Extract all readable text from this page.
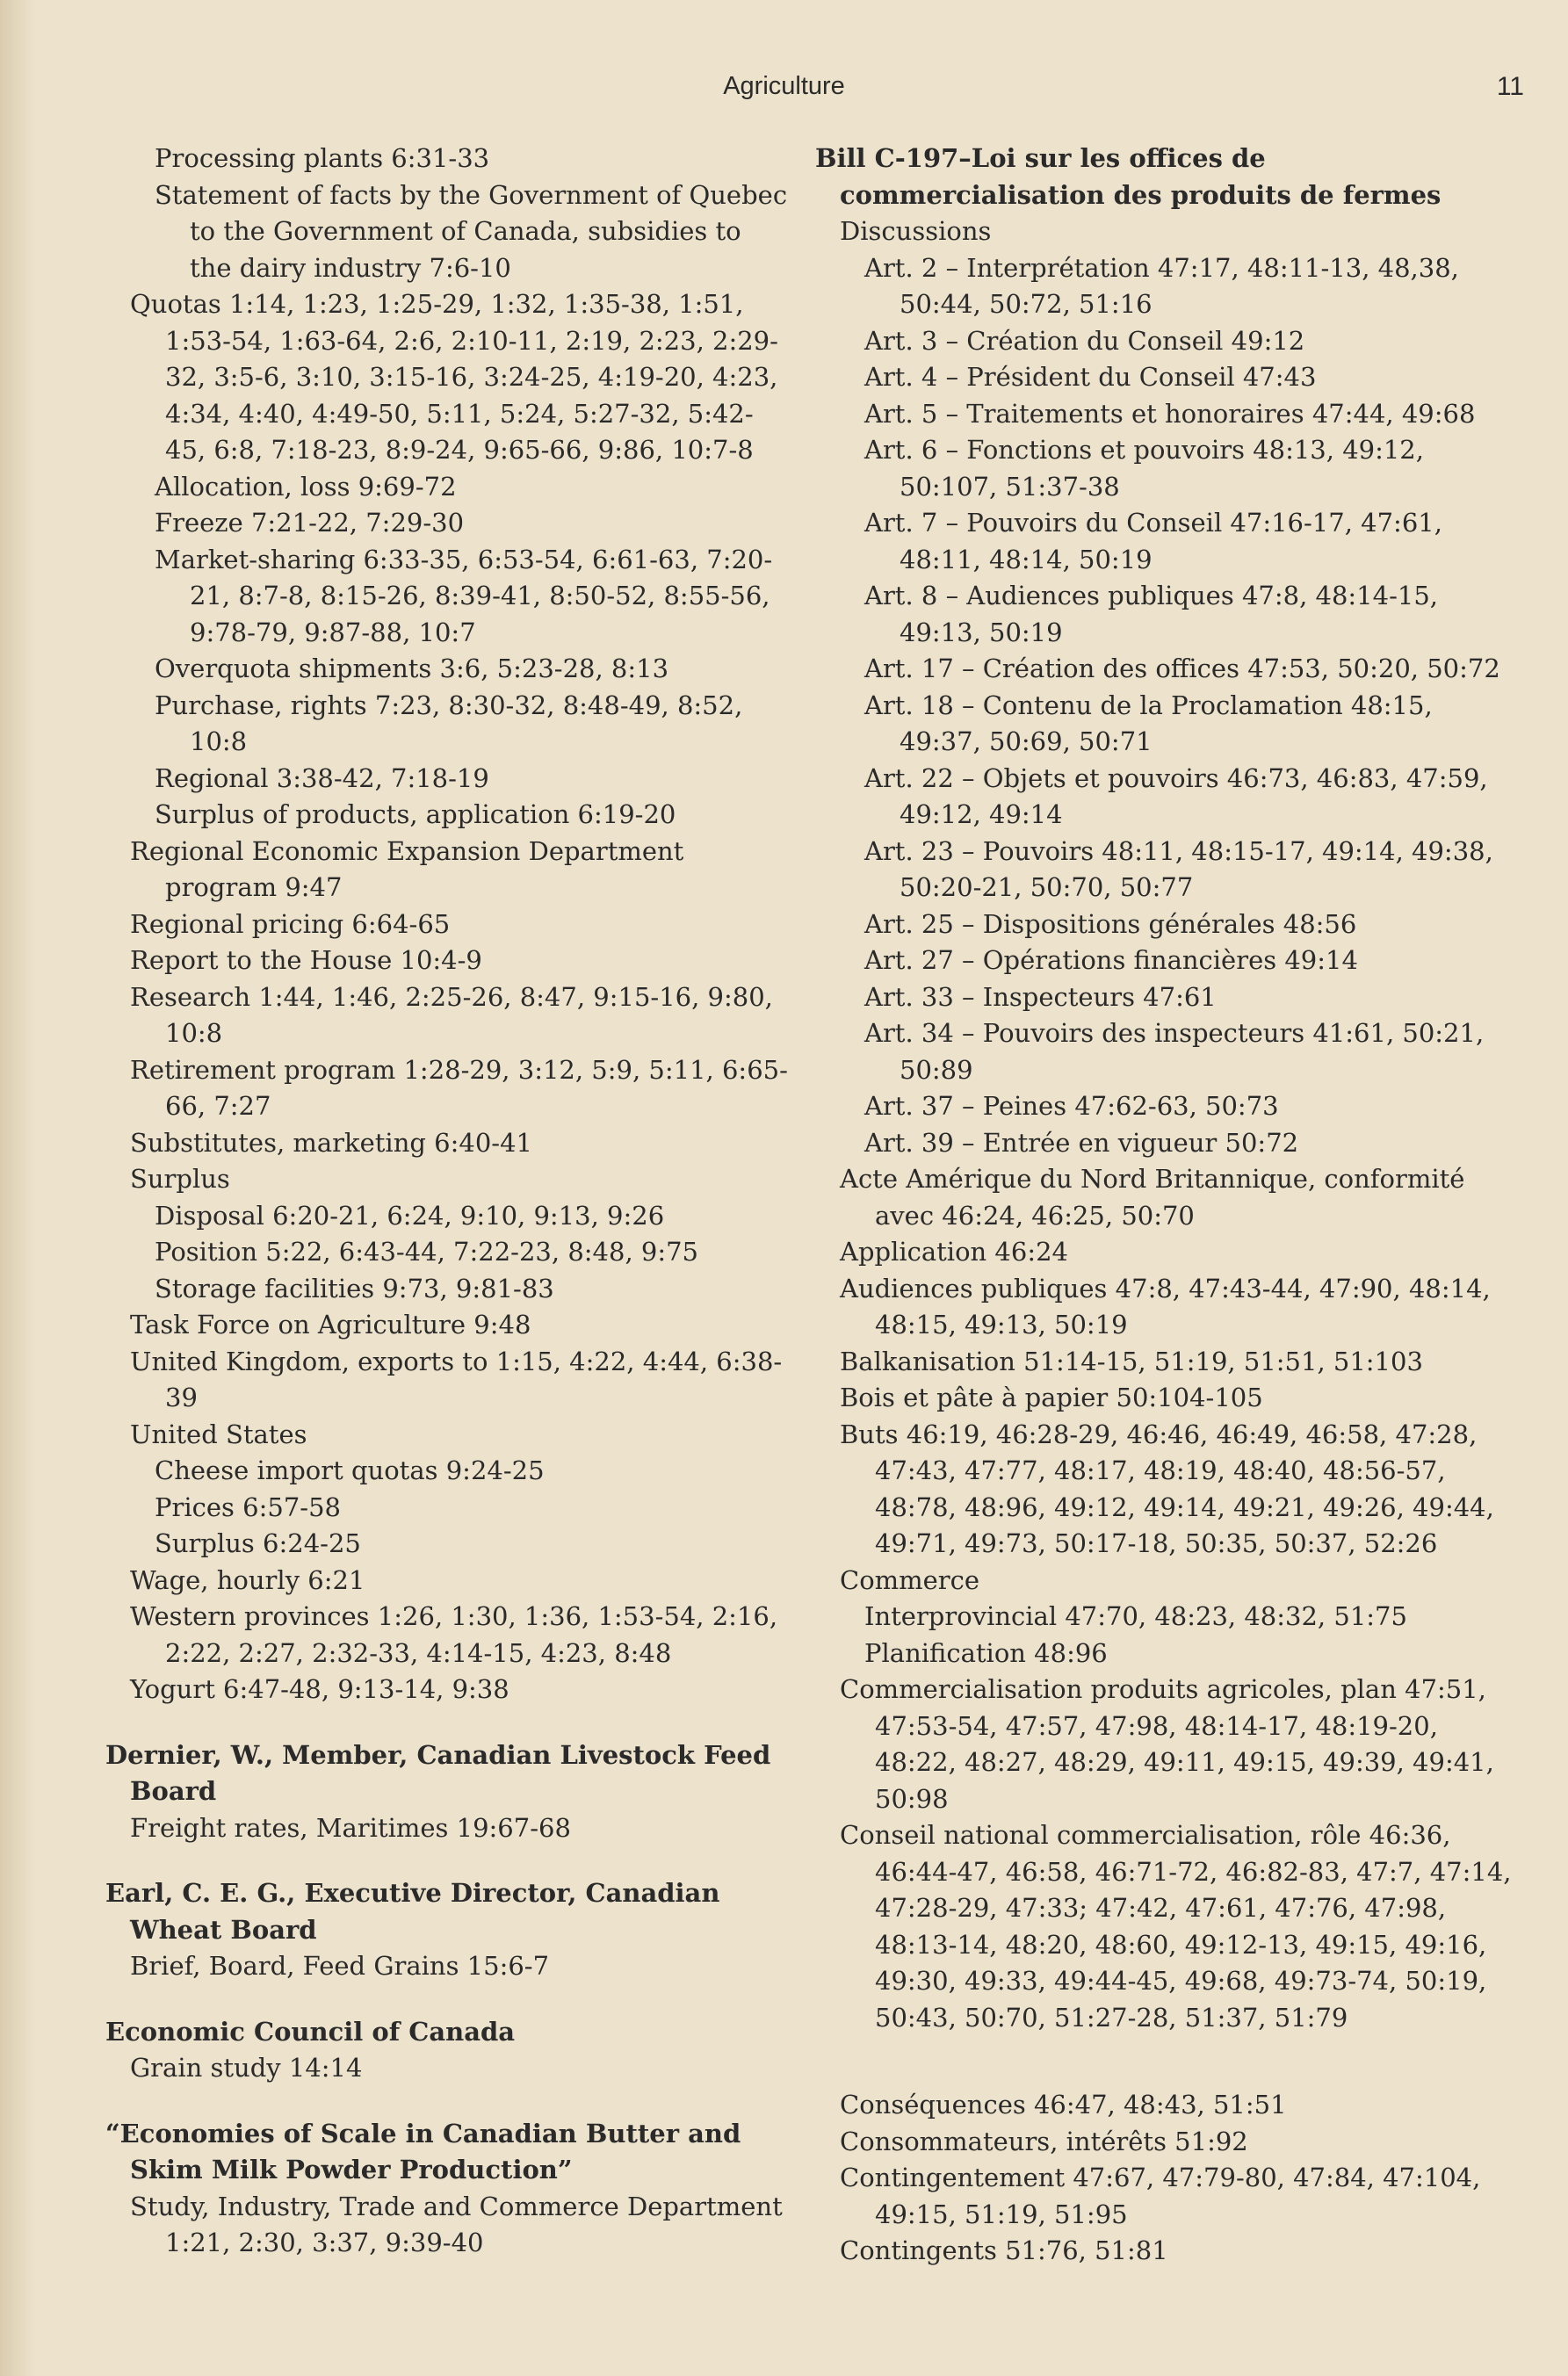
Agriculture	11

Processing plants 6:31-33

Statement of facts by the Government of Quebec to the Government of Canada, subsidies to the dairy industry 7:6-10

Quotas 1:14, 1:23, 1:25-29, 1:32, 1:35-38, 1:51, 1:53-54, 1:63-64, 2:6, 2:10-11, 2:19, 2:23, 2:29-32, 3:5-6, 3:10, 3:15-16, 3:24-25, 4:19-20, 4:23, 4:34, 4:40, 4:49-50, 5:11, 5:24, 5:27-32, 5:42-45, 6:8, 7:18-23, 8:9-24, 9:65-66, 9:86, 10:7-8

Allocation, loss 9:69-72

Freeze 7:21-22, 7:29-30

Market-sharing 6:33-35, 6:53-54, 6:61-63, 7:20-21, 8:7-8, 8:15-26, 8:39-41, 8:50-52, 8:55-56, 9:78-79, 9:87-88, 10:7

Overquota shipments 3:6, 5:23-28, 8:13

Purchase, rights 7:23, 8:30-32, 8:48-49, 8:52, 10:8

Regional 3:38-42, 7:18-19

Surplus of products, application 6:19-20

Regional Economic Expansion Department program 9:47

Regional pricing 6:64-65

Report to the House 10:4-9

Research 1:44, 1:46, 2:25-26, 8:47, 9:15-16, 9:80, 10:8

Retirement program 1:28-29, 3:12, 5:9, 5:11, 6:65-66, 7:27

Substitutes, marketing 6:40-41

Surplus

Disposal 6:20-21, 6:24, 9:10, 9:13, 9:26

Position 5:22, 6:43-44, 7:22-23, 8:48, 9:75

Storage facilities 9:73, 9:81-83

Task Force on Agriculture 9:48

United Kingdom, exports to 1:15, 4:22, 4:44, 6:38-39

United States

Cheese import quotas 9:24-25

Prices 6:57-58

Surplus 6:24-25

Wage, hourly 6:21

Western provinces 1:26, 1:30, 1:36, 1:53-54, 2:16, 2:22, 2:27, 2:32-33, 4:14-15, 4:23, 8:48

Yogurt 6:47-48, 9:13-14, 9:38

Dernier, W., Member, Canadian Livestock Feed Board

Freight rates, Maritimes 19:67-68

Earl, C. E. G., Executive Director, Canadian Wheat Board

Brief, Board, Feed Grains 15:6-7

Economic Council of Canada

Grain study 14:14

“Economies of Scale in Canadian Butter and Skim Milk Powder Production”

Study, Industry, Trade and Commerce Department 1:21, 2:30, 3:37, 9:39-40

Bill C-197–Loi sur les offices de commercialisation des produits de fermes

Discussions

Art. 2 – Interprétation 47:17, 48:11-13, 48,38, 50:44, 50:72, 51:16

Art. 3 – Création du Conseil 49:12

Art. 4 – Président du Conseil 47:43

Art. 5 – Traitements et honoraires 47:44, 49:68

Art. 6 – Fonctions et pouvoirs 48:13, 49:12, 50:107, 51:37-38

Art. 7 – Pouvoirs du Conseil 47:16-17, 47:61, 48:11, 48:14, 50:19

Art. 8 – Audiences publiques 47:8, 48:14-15, 49:13, 50:19

Art. 17 – Création des offices 47:53, 50:20, 50:72

Art. 18 – Contenu de la Proclamation 48:15, 49:37, 50:69, 50:71

Art. 22 – Objets et pouvoirs 46:73, 46:83, 47:59, 49:12, 49:14

Art. 23 – Pouvoirs 48:11, 48:15-17, 49:14, 49:38, 50:20-21, 50:70, 50:77

Art. 25 – Dispositions générales 48:56

Art. 27 – Opérations financières 49:14

Art. 33 – Inspecteurs 47:61

Art. 34 – Pouvoirs des inspecteurs 41:61, 50:21, 50:89

Art. 37 – Peines 47:62-63, 50:73

Art. 39 – Entrée en vigueur 50:72

Acte Amérique du Nord Britannique, conformité avec 46:24, 46:25, 50:70

Application 46:24

Audiences publiques 47:8, 47:43-44, 47:90, 48:14, 48:15, 49:13, 50:19

Balkanisation 51:14-15, 51:19, 51:51, 51:103

Bois et pâte à papier 50:104-105

Buts 46:19, 46:28-29, 46:46, 46:49, 46:58, 47:28, 47:43, 47:77, 48:17, 48:19, 48:40, 48:56-57, 48:78, 48:96, 49:12, 49:14, 49:21, 49:26, 49:44, 49:71, 49:73, 50:17-18, 50:35, 50:37, 52:26

Commerce

Interprovincial 47:70, 48:23, 48:32, 51:75

Planification 48:96

Commercialisation produits agricoles, plan 47:51, 47:53-54, 47:57, 47:98, 48:14-17, 48:19-20, 48:22, 48:27, 48:29, 49:11, 49:15, 49:39, 49:41, 50:98

Conseil national commercialisation, rôle 46:36, 46:44-47, 46:58, 46:71-72, 46:82-83, 47:7, 47:14, 47:28-29, 47:33; 47:42, 47:61, 47:76, 47:98, 48:13-14, 48:20, 48:60, 49:12-13, 49:15, 49:16, 49:30, 49:33, 49:44-45, 49:68, 49:73-74, 50:19, 50:43, 50:70, 51:27-28, 51:37, 51:79

Conséquences 46:47, 48:43, 51:51

Consommateurs, intérêts 51:92

Contingentement 47:67, 47:79-80, 47:84, 47:104, 49:15, 51:19, 51:95

Contingents 51:76, 51:81
